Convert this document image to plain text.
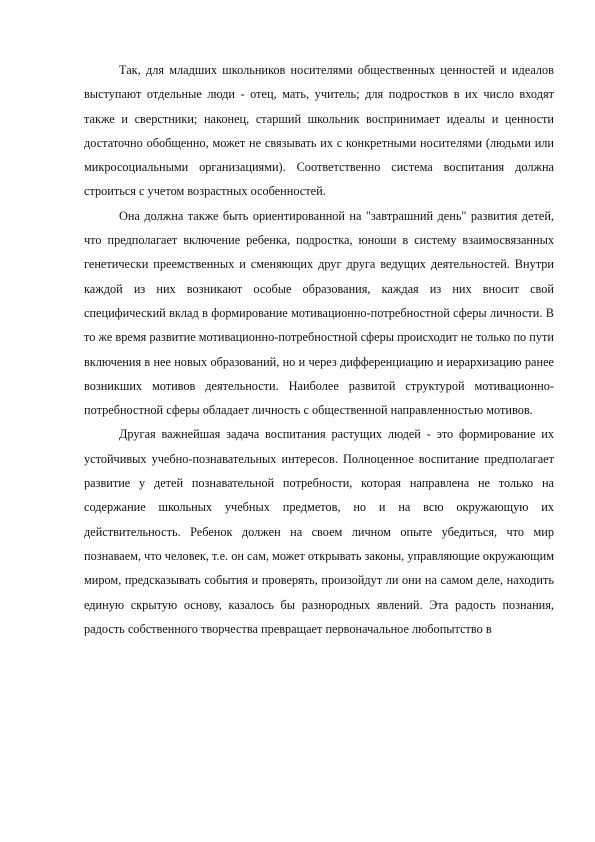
Так, для младших школьников носителями общественных ценностей и идеалов выступают отдельные люди - отец, мать, учитель; для подростков в их число входят также и сверстники; наконец, старший школьник воспринимает идеалы и ценности достаточно обобщенно, может не связывать их с конкретными носителями (людьми или микросоциальными организациями). Соответственно система воспитания должна строиться с учетом возрастных особенностей.

Она должна также быть ориентированной на "завтрашний день" развития детей, что предполагает включение ребенка, подростка, юноши в систему взаимосвязанных генетически преемственных и сменяющих друг друга ведущих деятельностей. Внутри каждой из них возникают особые образования, каждая из них вносит свой специфический вклад в формирование мотивационно-потребностной сферы личности. В то же время развитие мотивационно-потребностной сферы происходит не только по пути включения в нее новых образований, но и через дифференциацию и иерархизацию ранее возникших мотивов деятельности. Наиболее развитой структурой мотивационно-потребностной сферы обладает личность с общественной направленностью мотивов.

Другая важнейшая задача воспитания растущих людей - это формирование их устойчивых учебно-познавательных интересов. Полноценное воспитание предполагает развитие у детей познавательной потребности, которая направлена не только на содержание школьных учебных предметов, но и на всю окружающую их действительность. Ребенок должен на своем личном опыте убедиться, что мир познаваем, что человек, т.е. он сам, может открывать законы, управляющие окружающим миром, предсказывать события и проверять, произойдут ли они на самом деле, находить единую скрытую основу, казалось бы разнородных явлений. Эта радость познания, радость собственного творчества превращает первоначальное любопытство в
